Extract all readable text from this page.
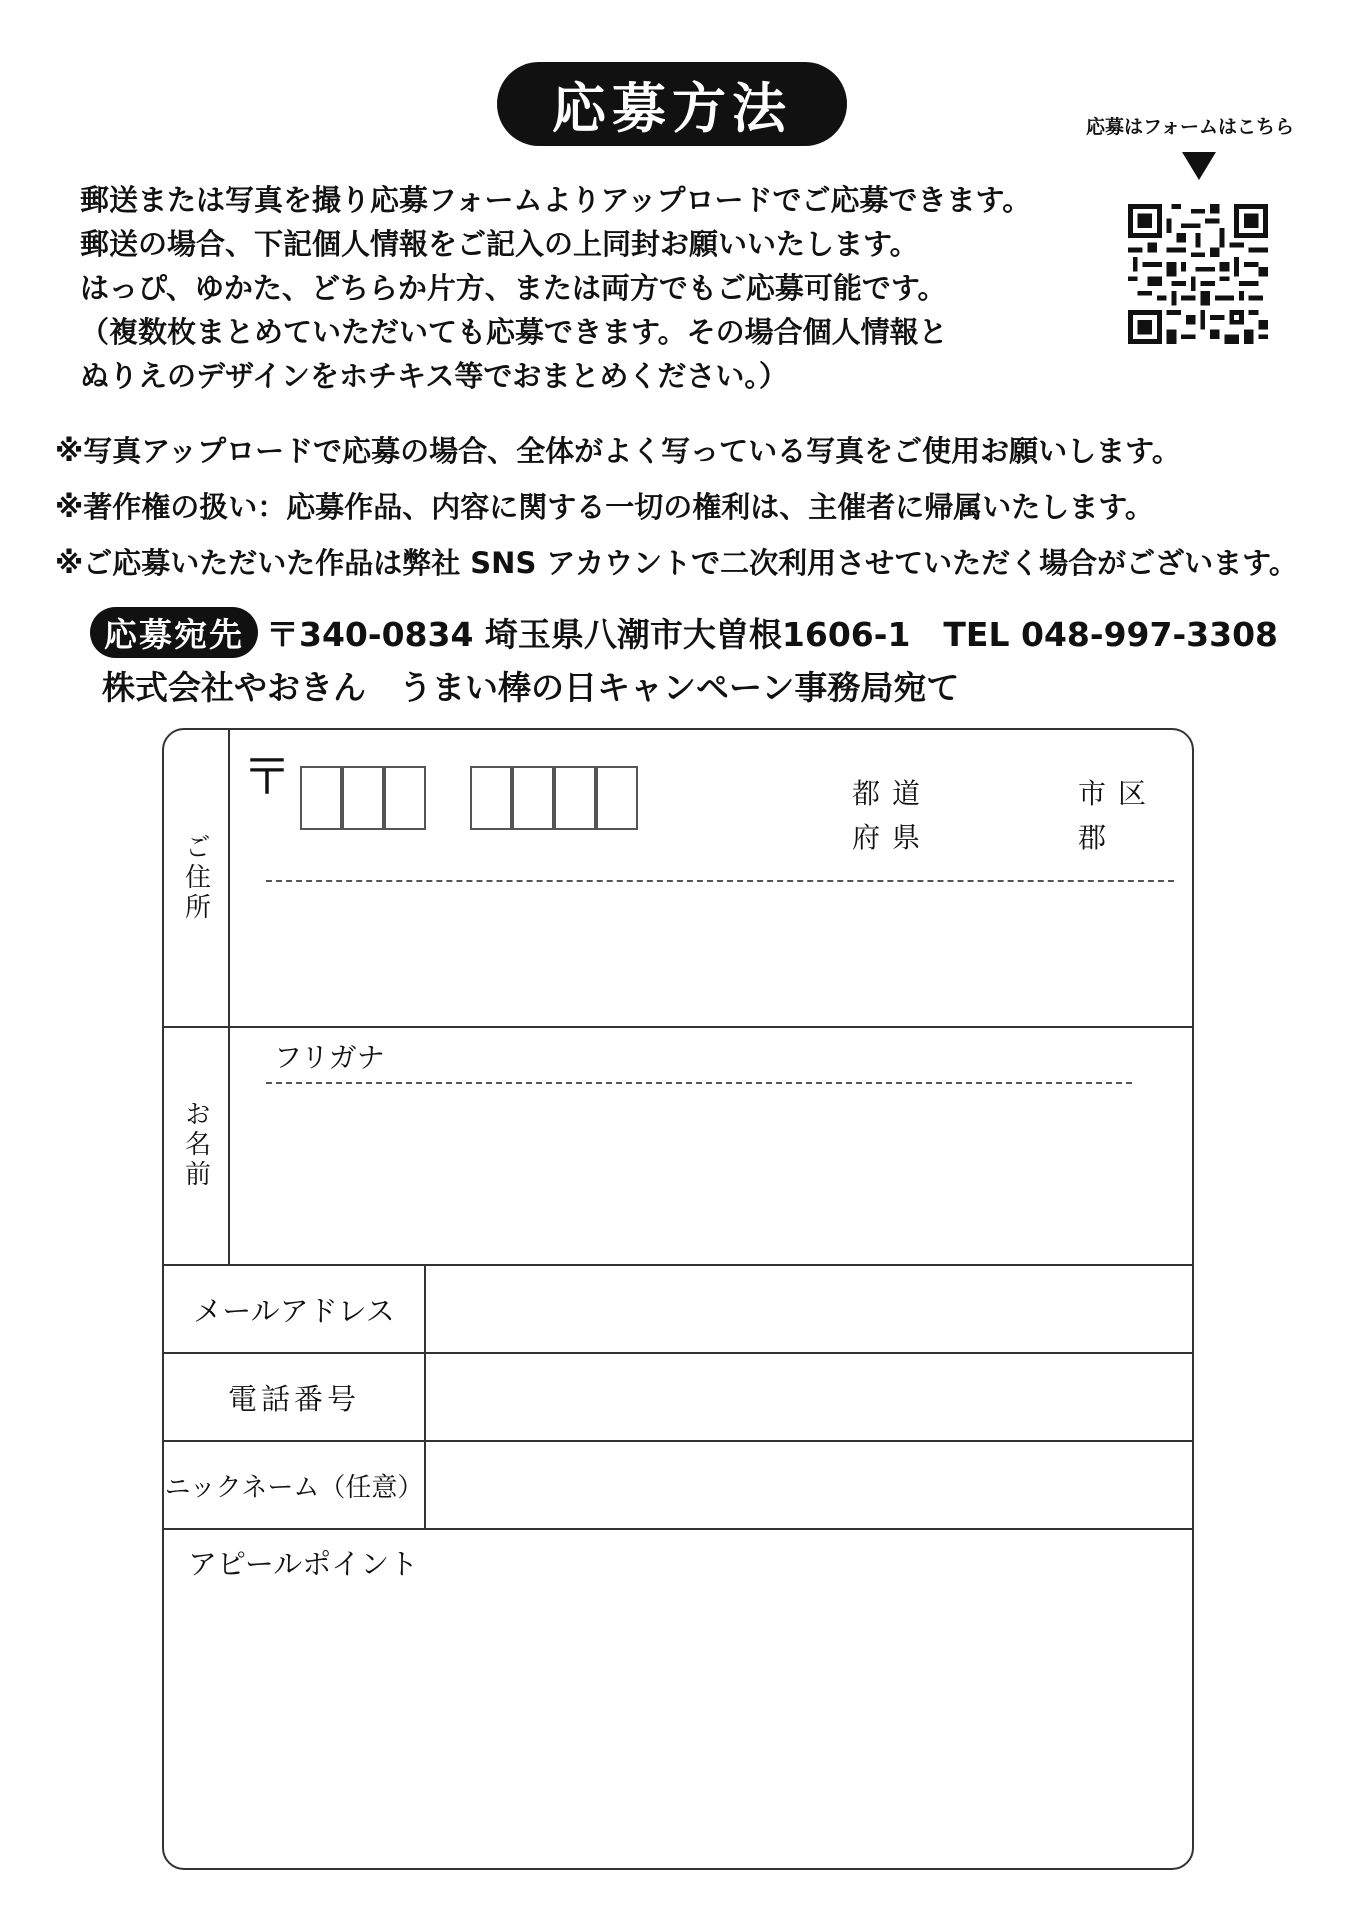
応募方法	応募はフォームはこちら
郵送または写真を撮り応募フォームよりアップロードでご応募できます。
郵送の場合、下記個人情報をご記入の上同封お願いいたします。
はっぴ、ゆかた、どちらか片方、または両方でもご応募可能です。
（複数枚まとめていただいても応募できます。その場合個人情報と
ぬりえのデザインをホチキス等でおまとめください。）
※写真アップロードで応募の場合、全体がよく写っている写真をご使用お願いします。
※著作権の扱い：応募作品、内容に関する一切の権利は、主催者に帰属いたします。
※ご応募いただいた作品は弊社 SNS アカウントで二次利用させていただく場合がございます。
応募宛先 〒340-0834 埼玉県八潮市大曽根1606-1　TEL 048-997-3308
株式会社やおきん　うまい棒の日キャンペーン事務局宛て
ご住所
〒	都道
府県
市区
郡
お名前
フリガナ
メールアドレス
電話番号
ニックネーム（任意）
アピールポイント
